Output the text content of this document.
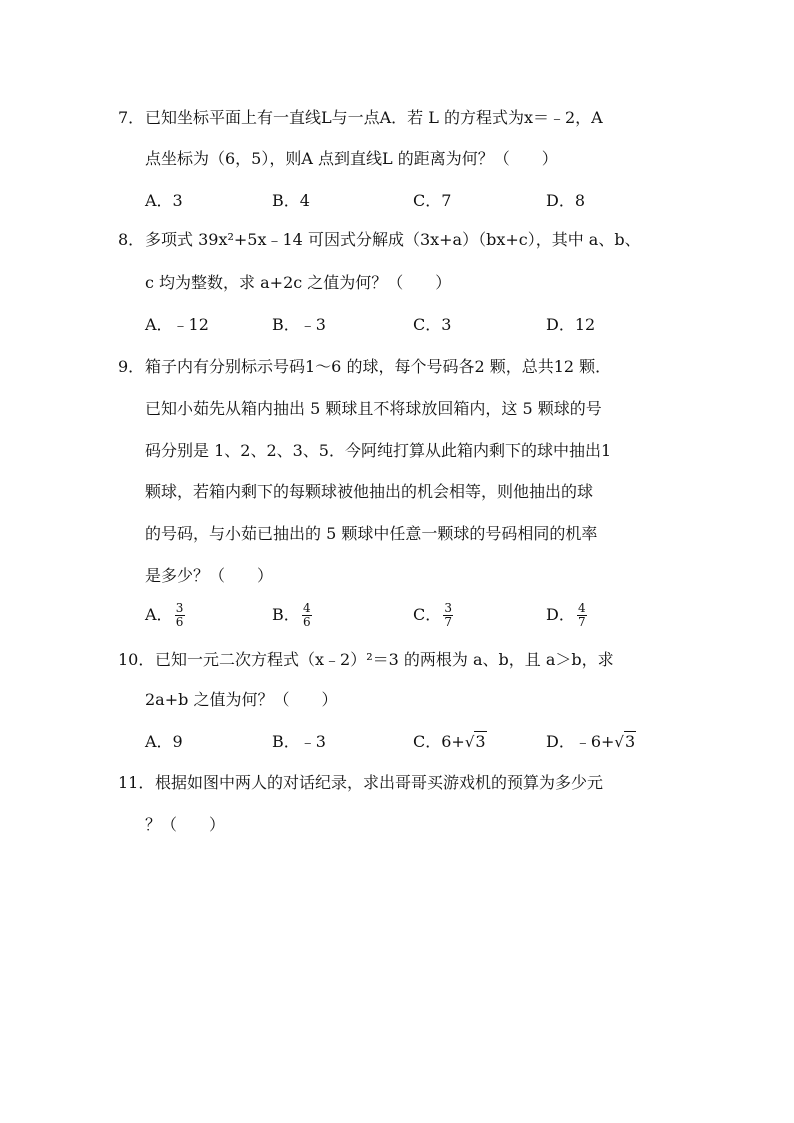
7． 已知坐标平面上有一直线L与一点A．若 L 的方程式为x＝﹣2，A
点坐标为（6，5），则A 点到直线L 的距离为何？（　　）
A．3	B．4	C．7	D．8
8． 多项式 39x²+5x﹣14 可因式分解成（3x+a）（bx+c），其中 a、b、
c 均为整数，求 a+2c 之值为何？（　　）
A．﹣12	B．﹣3	C．3	D．12
9． 箱子内有分别标示号码1～6 的球，每个号码各2 颗，总共12 颗．
已知小茹先从箱内抽出 5 颗球且不将球放回箱内，这 5 颗球的号
码分别是 1、2、2、3、5．今阿纯打算从此箱内剩下的球中抽出1
颗球，若箱内剩下的每颗球被他抽出的机会相等，则他抽出的球
的号码，与小茹已抽出的 5 颗球中任意一颗球的号码相同的机率
是多少？（　　）
A． $\frac{3}{6}$	B． $\frac{4}{6}$	C． $\frac{3}{7}$	D． $\frac{4}{7}$
10． 已知一元二次方程式（x﹣2）²＝3 的两根为 a、b，且 a＞b，求
2a+b 之值为何？（　　）
A．9	B．﹣3	C．6+√3	D．﹣6+√3
11． 根据如图中两人的对话纪录，求出哥哥买游戏机的预算为多少元
？（　　）
